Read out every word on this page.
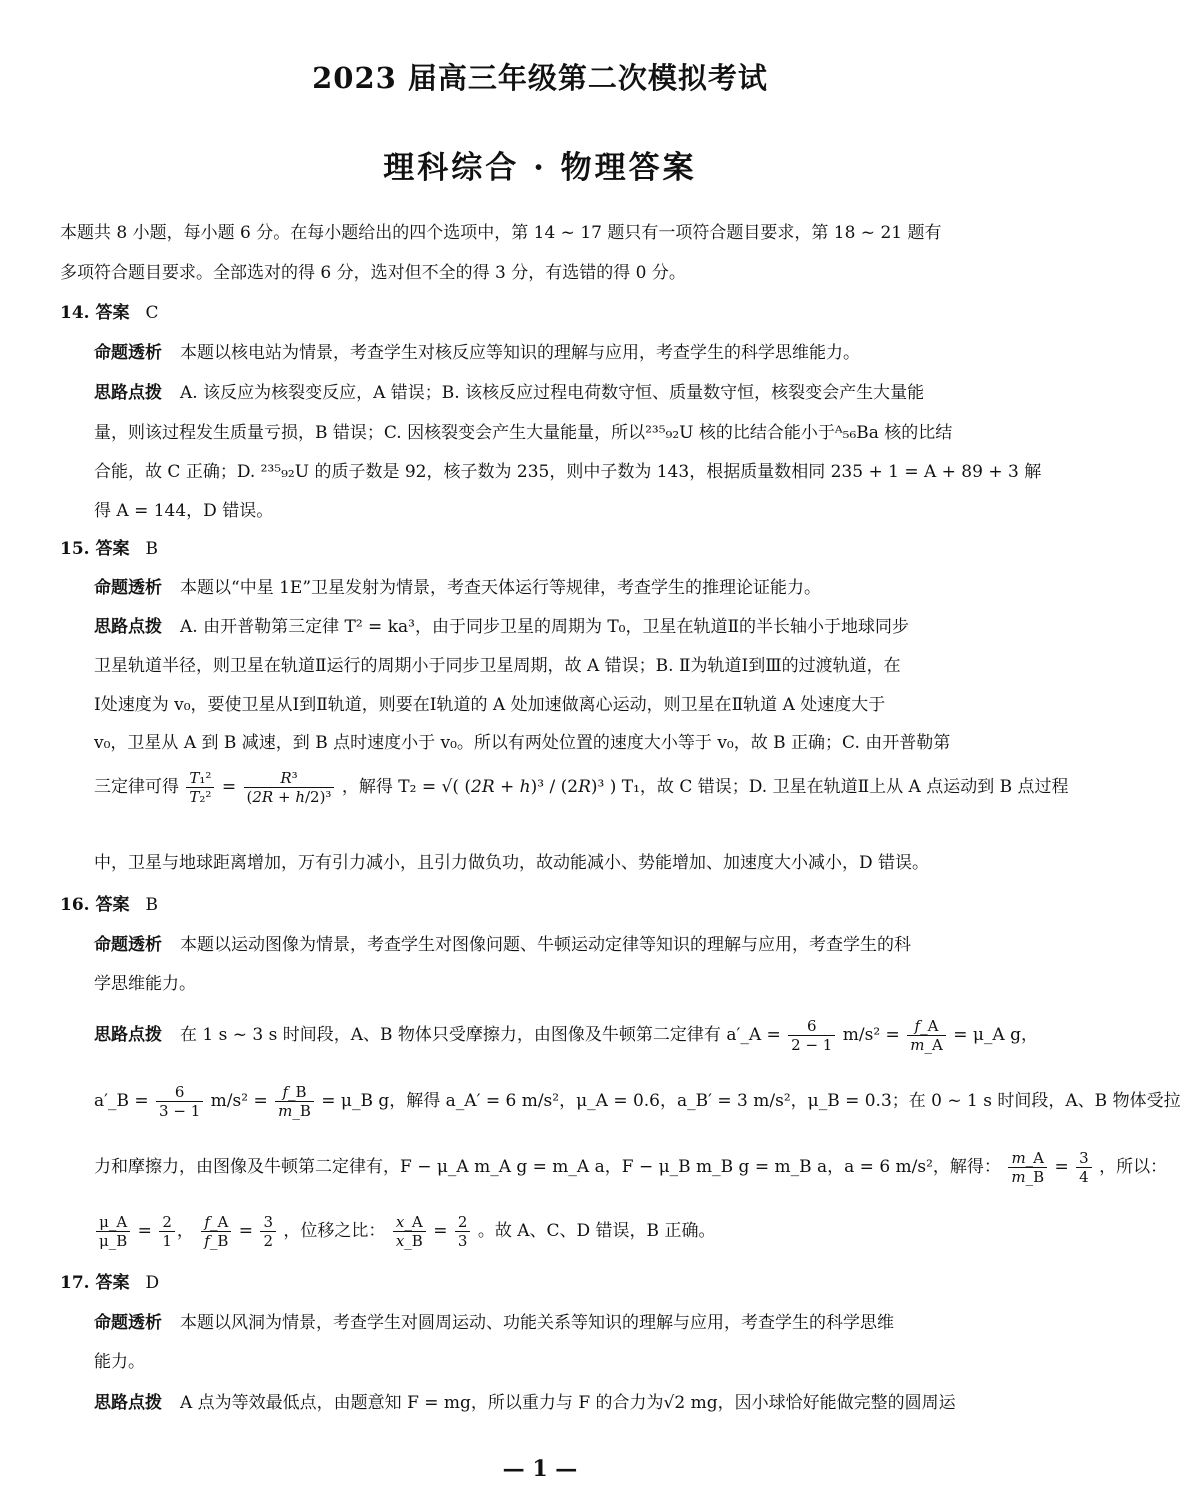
2023 届高三年级第二次模拟考试
理科综合 · 物理答案
本题共 8 小题，每小题 6 分。在每小题给出的四个选项中，第 14 ~ 17 题只有一项符合题目要求，第 18 ~ 21 题有
多项符合题目要求。全部选对的得 6 分，选对但不全的得 3 分，有选错的得 0 分。
14. 答案 C
命题透析 本题以核电站为情景，考查学生对核反应等知识的理解与应用，考查学生的科学思维能力。
思路点拨 A. 该反应为核裂变反应，A 错误；B. 该核反应过程电荷数守恒、质量数守恒，核裂变会产生大量能
量，则该过程发生质量亏损，B 错误；C. 因核裂变会产生大量能量，所以²³⁵₉₂U 核的比结合能小于ᴬ₅₆Ba 核的比结
合能，故 C 正确；D. ²³⁵₉₂U 的质子数是 92，核子数为 235，则中子数为 143，根据质量数相同 235 + 1 = A + 89 + 3 解
得 A = 144，D 错误。
15. 答案 B
命题透析 本题以“中星 1E”卫星发射为情景，考查天体运行等规律，考查学生的推理论证能力。
思路点拨 A. 由开普勒第三定律 T² = ka³，由于同步卫星的周期为 T₀，卫星在轨道Ⅱ的半长轴小于地球同步
卫星轨道半径，则卫星在轨道Ⅱ运行的周期小于同步卫星周期，故 A 错误；B. Ⅱ为轨道Ⅰ到Ⅲ的过渡轨道，在
Ⅰ处速度为 v₀，要使卫星从Ⅰ到Ⅱ轨道，则要在Ⅰ轨道的 A 处加速做离心运动，则卫星在Ⅱ轨道 A 处速度大于
v₀，卫星从 A 到 B 减速，到 B 点时速度小于 v₀。所以有两处位置的速度大小等于 v₀，故 B 正确；C. 由开普勒第
三定律可得 $\frac{\text{T₁²}}{\text{T₂²}} = \frac{\text{R³}}{\text{(2R + h/2)³}}$ ，解得 T₂ = √( (2R + h)³ / (2R)³ ) T₁，故 C 错误；D. 卫星在轨道Ⅱ上从 A 点运动到 B 点过程
中，卫星与地球距离增加，万有引力减小，且引力做负功，故动能减小、势能增加、加速度大小减小，D 错误。
16. 答案 B
命题透析 本题以运动图像为情景，考查学生对图像问题、牛顿运动定律等知识的理解与应用，考查学生的科
学思维能力。
思路点拨 在 1 s ~ 3 s 时间段，A、B 物体只受摩擦力，由图像及牛顿第二定律有 a′_A = $\frac{6}{2 - 1} m/s^2 = \frac{f\_A}{m\_A}$ = μ_A g，
a′_B = $\frac{6}{3 - 1} m/s^2 = \frac{f\_B}{m\_B}$ = μ_B g，解得 a_A′ = 6 m/s²，μ_A = 0.6，a_B′ = 3 m/s²，μ_B = 0.3；在 0 ~ 1 s 时间段，A、B 物体受拉
力和摩擦力，由图像及牛顿第二定律有，F − μ_A m_A g = m_A a，F − μ_B m_B g = m_B a，a = 6 m/s²，解得： $\frac{m\_A}{m\_B} = \frac{3}{4}$ ，所以：
$\frac{\mu\_A}{\mu\_B} = \frac{2}{1}$ ， $\frac{f\_A}{f\_B} = \frac{3}{2}$ ，位移之比： $\frac{x\_A}{x\_B} = \frac{2}{3}$ 。故 A、C、D 错误，B 正确。
17. 答案 D
命题透析 本题以风洞为情景，考查学生对圆周运动、功能关系等知识的理解与应用，考查学生的科学思维
能力。
思路点拨 A 点为等效最低点，由题意知 F = mg，所以重力与 F 的合力为√2 mg，因小球恰好能做完整的圆周运
— 1 —
